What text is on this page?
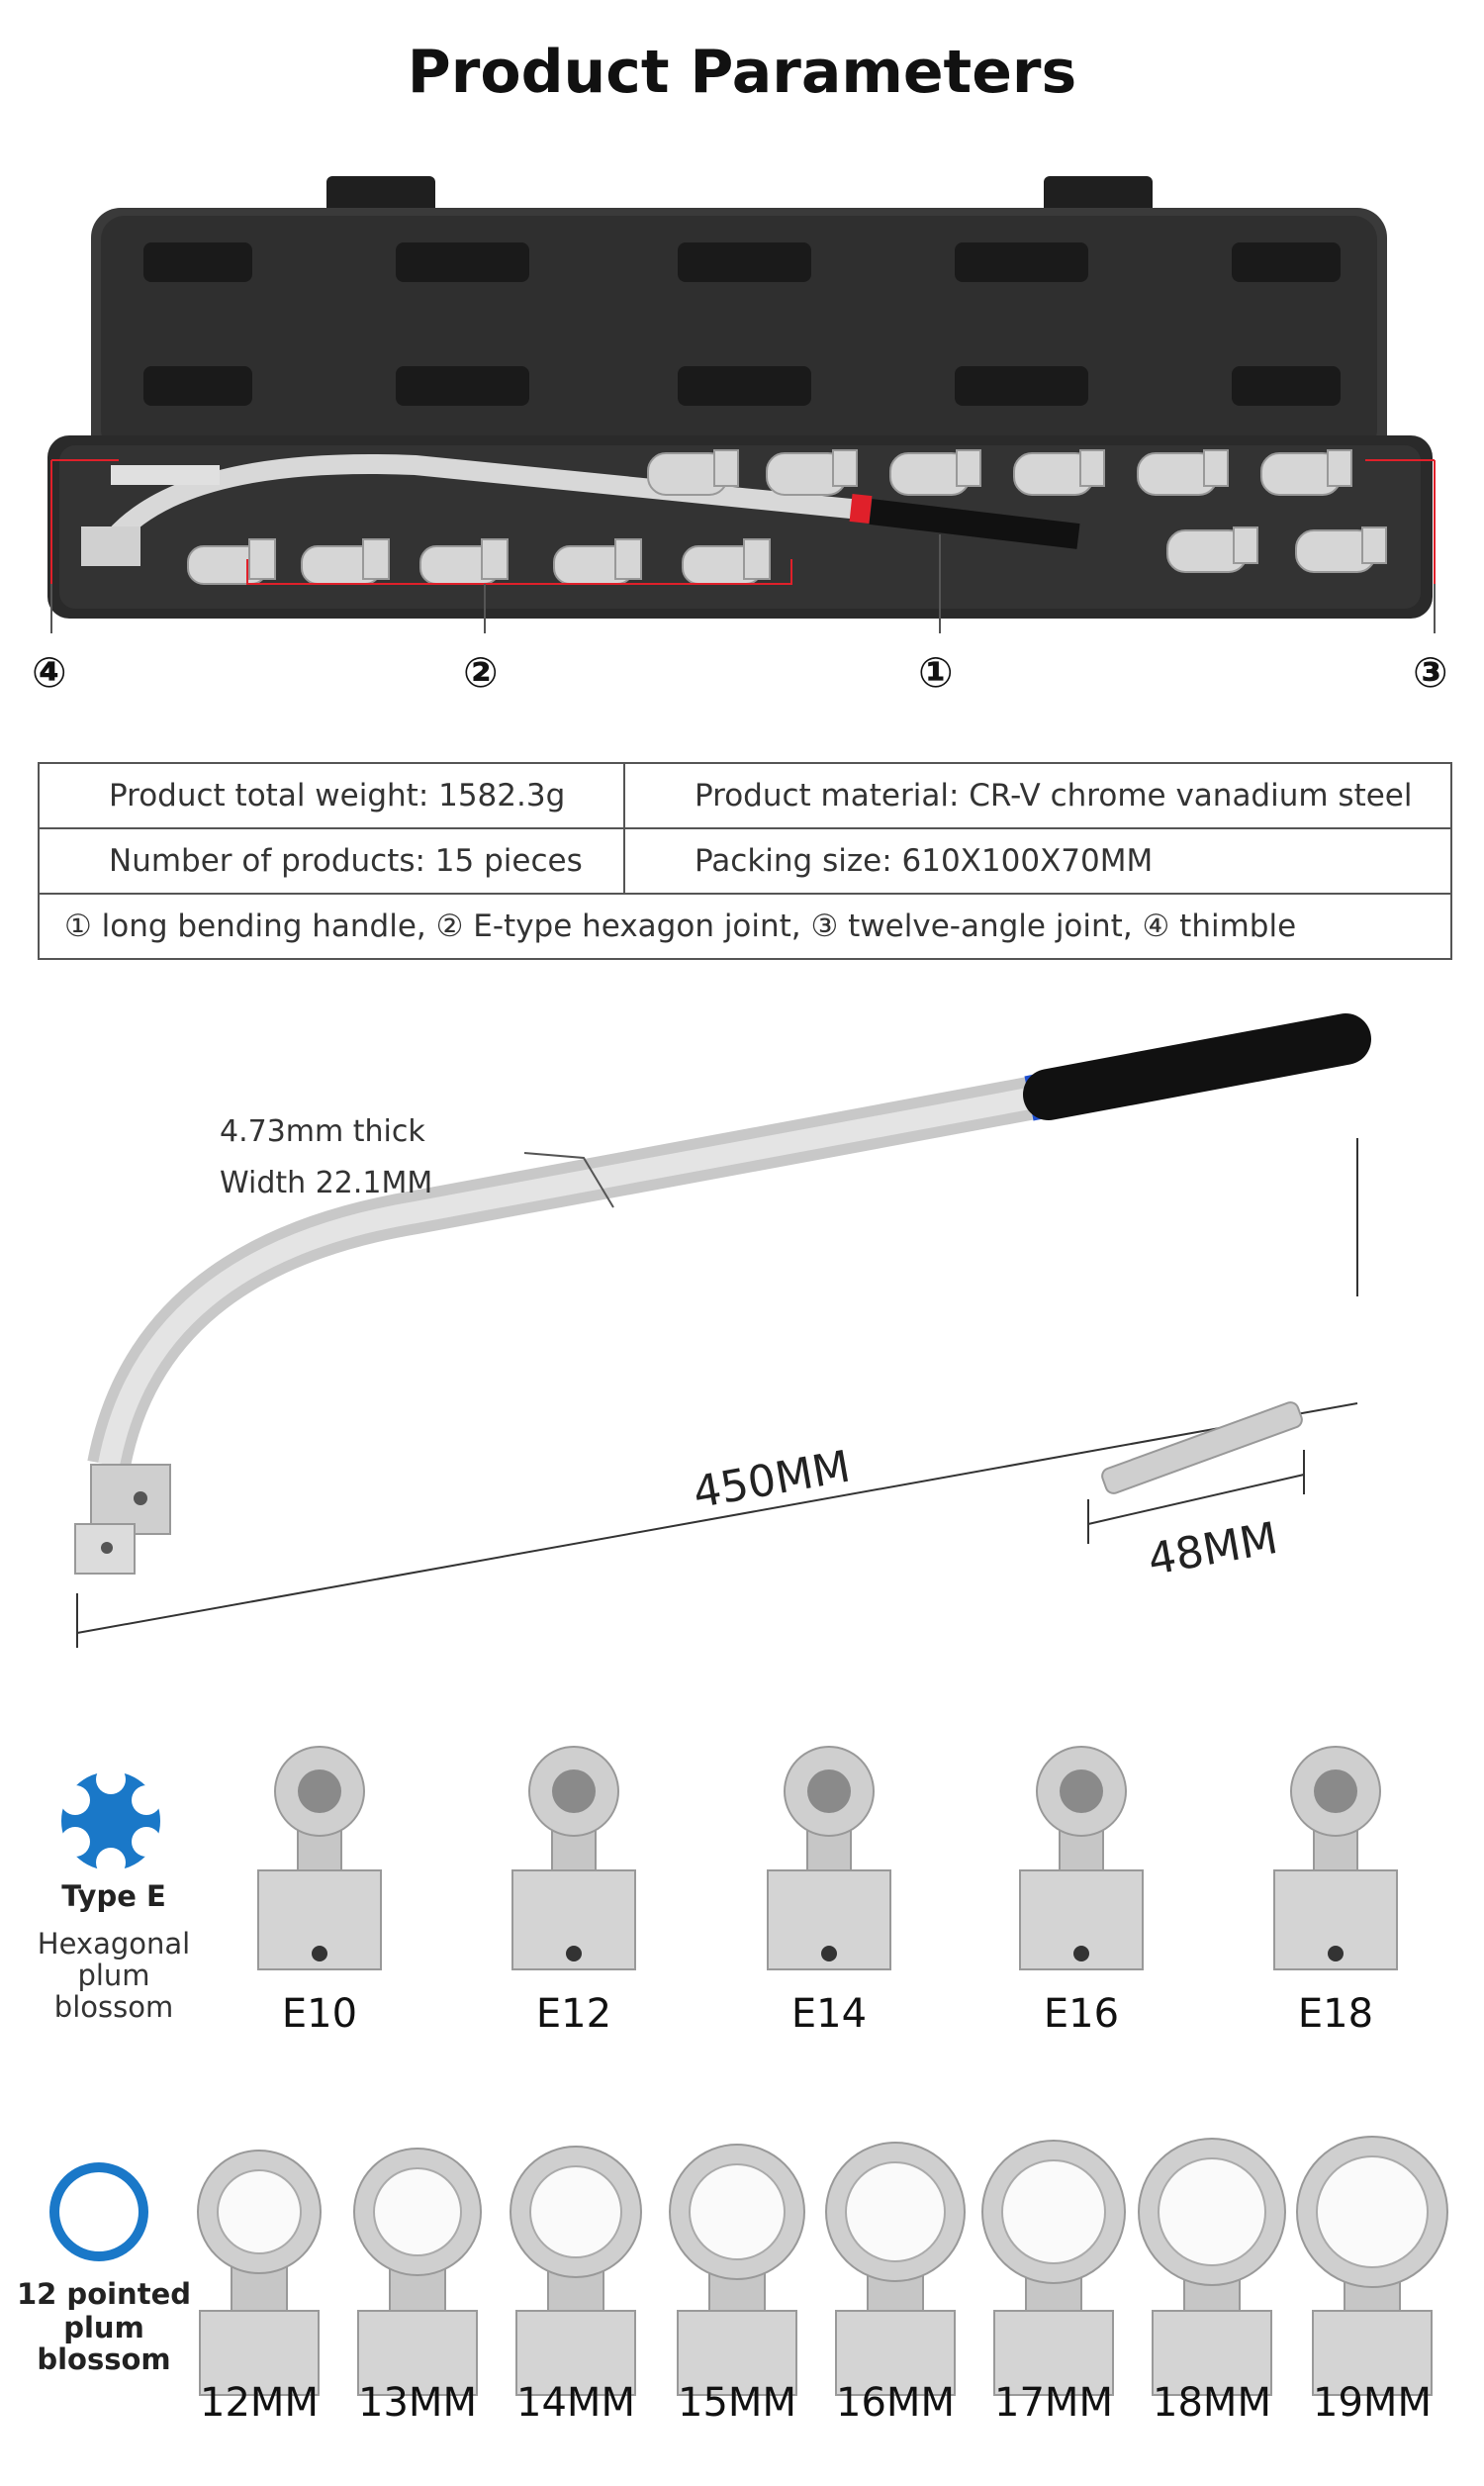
Product Parameters
④	②	①	③
Product total weight: 1582.3g	Product material: CR-V chrome vanadium steel
Number of products: 15 pieces	Packing size: 610X100X70MM
① long bending handle, ② E-type hexagon joint, ③ twelve-angle joint, ④ thimble	
4.73mm thick
Width 22.1MM
450MM
48MM
Type E
Hexagonal
plum
blossom	E10	E12	E14	E16	E18
12 pointed
plum blossom
12MM	13MM	14MM	15MM	16MM	17MM	18MM	19MM
